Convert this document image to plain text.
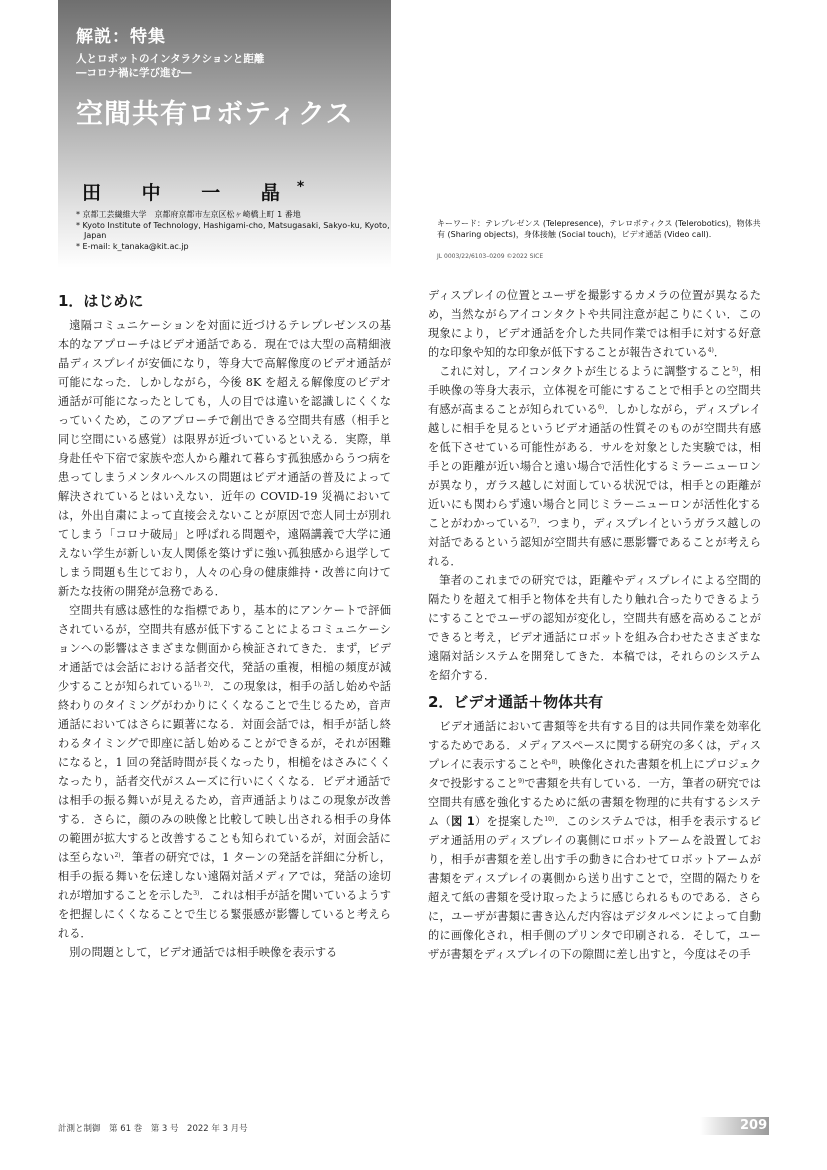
解説：特集
人とロボットのインタラクションと距離
―コロナ禍に学び進む―
空間共有ロボティクス
田 中 一 晶*
* 京都工芸繊維大学　京都府京都市左京区松ヶ崎橋上町 1 番地
* Kyoto Institute of Technology, Hashigami-cho, Matsugasaki, Sakyo-ku, Kyoto, Japan
* E-mail: k_tanaka@kit.ac.jp
キーワード：テレプレゼンス (Telepresence)，テレロボティクス (Telerobotics)，物体共有 (Sharing objects)，身体接触 (Social touch)，ビデオ通話 (Video call).
JL 0003/22/6103–0209 ©2022 SICE
1．はじめに

遠隔コミュニケーションを対面に近づけるテレプレゼンスの基本的なアプローチはビデオ通話である．現在では大型の高精細液晶ディスプレイが安価になり，等身大で高解像度のビデオ通話が可能になった．しかしながら，今後 8K を超える解像度のビデオ通話が可能になったとしても，人の目では違いを認識しにくくなっていくため，このアプローチで創出できる空間共有感（相手と同じ空間にいる感覚）は限界が近づいているといえる．実際，単身赴任や下宿で家族や恋人から離れて暮らす孤独感からうつ病を患ってしまうメンタルヘルスの問題はビデオ通話の普及によって解決されているとはいえない．近年の COVID-19 災禍においては，外出自粛によって直接会えないことが原因で恋人同士が別れてしまう「コロナ破局」と呼ばれる問題や，遠隔講義で大学に通えない学生が新しい友人関係を築けずに強い孤独感から退学してしまう問題も生じており，人々の心身の健康維持・改善に向けて新たな技術の開発が急務である．

空間共有感は感性的な指標であり，基本的にアンケートで評価されているが，空間共有感が低下することによるコミュニケーションへの影響はさまざまな側面から検証されてきた．まず，ビデオ通話では会話における話者交代，発話の重複，相槌の頻度が減少することが知られている$^{1), 2)}$．この現象は，相手の話し始めや話終わりのタイミングがわかりにくくなることで生じるため，音声通話においてはさらに顕著になる．対面会話では，相手が話し終わるタイミングで即座に話し始めることができるが，それが困難になると，1 回の発話時間が長くなったり，相槌をはさみにくくなったり，話者交代がスムーズに行いにくくなる．ビデオ通話では相手の振る舞いが見えるため，音声通話よりはこの現象が改善する．さらに，顔のみの映像と比較して映し出される相手の身体の範囲が拡大すると改善することも知られているが，対面会話には至らない$^{2)}$．筆者の研究では，1 ターンの発話を詳細に分析し，相手の振る舞いを伝達しない遠隔対話メディアでは，発話の途切れが増加することを示した$^{3)}$．これは相手が話を聞いているようすを把握しにくくなることで生じる緊張感が影響していると考えられる．

別の問題として，ビデオ通話では相手映像を表示する

ディスプレイの位置とユーザを撮影するカメラの位置が異なるため，当然ながらアイコンタクトや共同注意が起こりにくい．この現象により，ビデオ通話を介した共同作業では相手に対する好意的な印象や知的な印象が低下することが報告されている$^{4)}$．

これに対し，アイコンタクトが生じるように調整すること$^{5)}$，相手映像の等身大表示，立体視を可能にすることで相手との空間共有感が高まることが知られている$^{6)}$．しかしながら，ディスプレイ越しに相手を見るというビデオ通話の性質そのものが空間共有感を低下させている可能性がある．サルを対象とした実験では，相手との距離が近い場合と遠い場合で活性化するミラーニューロンが異なり，ガラス越しに対面している状況では，相手との距離が近いにも関わらず遠い場合と同じミラーニューロンが活性化することがわかっている$^{7)}$．つまり，ディスプレイというガラス越しの対話であるという認知が空間共有感に悪影響であることが考えられる．

筆者のこれまでの研究では，距離やディスプレイによる空間的隔たりを超えて相手と物体を共有したり触れ合ったりできるようにすることでユーザの認知が変化し，空間共有感を高めることができると考え，ビデオ通話にロボットを組み合わせたさまざまな遠隔対話システムを開発してきた．本稿では，それらのシステムを紹介する．

2．ビデオ通話＋物体共有

ビデオ通話において書類等を共有する目的は共同作業を効率化するためである．メディアスペースに関する研究の多くは，ディスプレイに表示することや$^{8)}$，映像化された書類を机上にプロジェクタで投影すること$^{9)}$で書類を共有している．一方，筆者の研究では空間共有感を強化するために紙の書類を物理的に共有するシステム（図 1）を提案した$^{10)}$．このシステムでは，相手を表示するビデオ通話用のディスプレイの裏側にロボットアームを設置しており，相手が書類を差し出す手の動きに合わせてロボットアームが書類をディスプレイの裏側から送り出すことで，空間的隔たりを超えて紙の書類を受け取ったように感じられるものである．さらに，ユーザが書類に書き込んだ内容はデジタルペンによって自動的に画像化され，相手側のプリンタで印刷される．そして，ユーザが書類をディスプレイの下の隙間に差し出すと，今度はその手

計測と制御　第 61 巻　第 3 号　2022 年 3 月号	209
